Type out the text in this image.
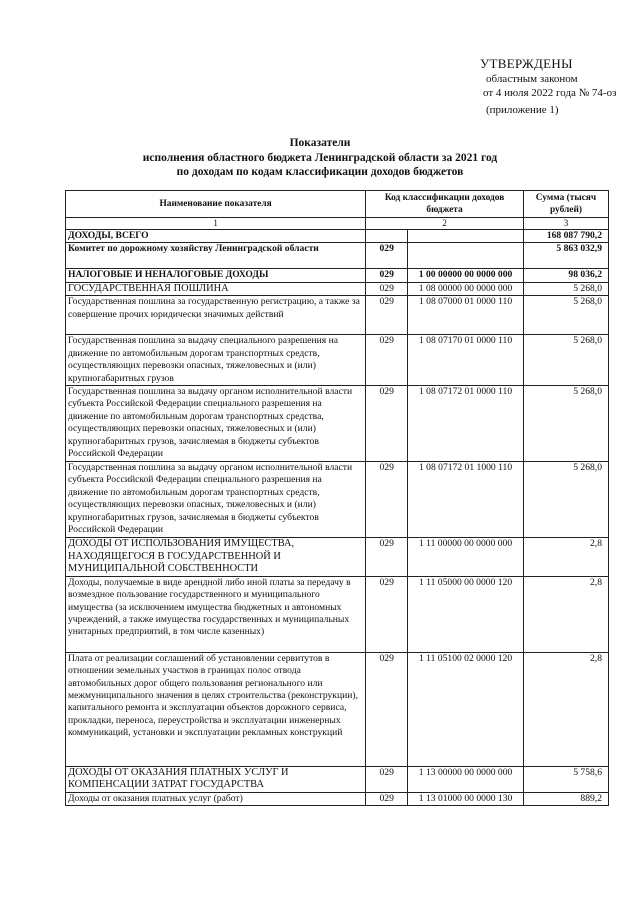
УТВЕРЖДЕНЫ
областным законом
от 4 июля 2022 года № 74-оз
(приложение 1)
Показатели
исполнения областного бюджета Ленинградской области за 2021 год
по доходам по кодам классификации доходов бюджетов
Наименование показателя	Код классификации доходов бюджета		Сумма (тысяч рублей)
1	2		3
ДОХОДЫ, ВСЕГО			168 087 790,2
Комитет по дорожному хозяйству Ленинградской области	029		5 863 032,9
НАЛОГОВЫЕ И НЕНАЛОГОВЫЕ ДОХОДЫ	029	1 00 00000 00 0000 000	98 036,2
ГОСУДАРСТВЕННАЯ ПОШЛИНА	029	1 08 00000 00 0000 000	5 268,0
Государственная пошлина за государственную регистрацию, а также за совершение прочих юридически значимых действий	029	1 08 07000 01 0000 110	5 268,0
Государственная пошлина за выдачу специального разрешения на движение по автомобильным дорогам транспортных средств, осуществляющих перевозки опасных, тяжеловесных и (или) крупногабаритных грузов	029	1 08 07170 01 0000 110	5 268,0
Государственная пошлина за выдачу органом исполнительной власти субъекта Российской Федерации специального разрешения на движение по автомобильным дорогам транспортных средства, осуществляющих перевозки опасных, тяжеловесных и (или) крупногабаритных грузов, зачисляемая в бюджеты субъектов Российской Федерации	029	1 08 07172 01 0000 110	5 268,0
Государственная пошлина за выдачу органом исполнительной власти субъекта Российской Федерации специального разрешения на движение по автомобильным дорогам транспортных средств, осуществляющих перевозки опасных, тяжеловесных и (или) крупногабаритных грузов, зачисляемая в бюджеты субъектов Российской Федерации	029	1 08 07172 01 1000 110	5 268,0
ДОХОДЫ ОТ ИСПОЛЬЗОВАНИЯ ИМУЩЕСТВА, НАХОДЯЩЕГОСЯ В ГОСУДАРСТВЕННОЙ И МУНИЦИПАЛЬНОЙ СОБСТВЕННОСТИ	029	1 11 00000 00 0000 000	2,8
Доходы, получаемые в виде арендной либо иной платы за передачу в возмездное пользование государственного и муниципального имущества (за исключением имущества бюджетных и автономных учреждений, а также имущества государственных и муниципальных унитарных предприятий, в том числе казенных)	029	1 11 05000 00 0000 120	2,8
Плата от реализации соглашений об установлении сервитутов в отношении земельных участков в границах полос отвода автомобильных дорог общего пользования регионального или межмуниципального значения в целях строительства (реконструкции), капитального ремонта и эксплуатации объектов дорожного сервиса, прокладки, переноса, переустройства и эксплуатации инженерных коммуникаций, установки и эксплуатации рекламных конструкций	029	1 11 05100 02 0000 120	2,8
ДОХОДЫ ОТ ОКАЗАНИЯ ПЛАТНЫХ УСЛУГ И КОМПЕНСАЦИИ ЗАТРАТ ГОСУДАРСТВА	029	1 13 00000 00 0000 000	5 758,6
Доходы от оказания платных услуг (работ)	029	1 13 01000 00 0000 130	889,2
